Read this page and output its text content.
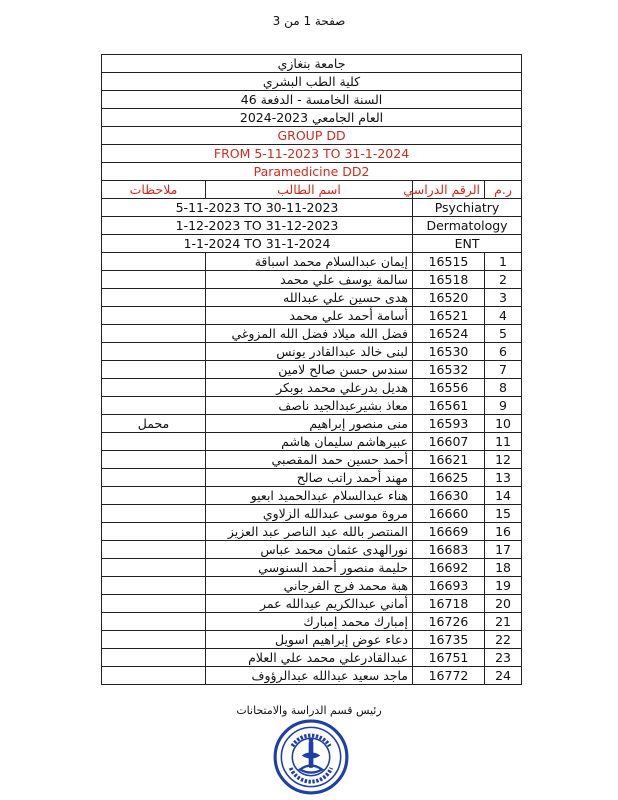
صفحة 1 من 3
جامعة بنغازي			
كلية الطب البشري			
السنة الخامسة - الدفعة 46			
العام الجامعي 2023-2024			
GROUP DD			
FROM 5-11-2023 TO 31-1-2024			
Paramedicine DD2			
ملاحظات	اسم الطالب	الرقم الدراسي	ر.م
5-11-2023 TO 30-11-2023		Psychiatry	
1-12-2023 TO 31-12-2023		Dermatology	
1-1-2024 TO 31-1-2024		ENT	
	إيمان عبدالسلام محمد اسباقة	16515	1
	سالمة يوسف علي محمد	16518	2
	هدى حسين علي عبدالله	16520	3
	أسامة أحمد علي محمد	16521	4
	فضل الله ميلاد فضل الله المزوغي	16524	5
	لبنى خالد عبدالقادر يونس	16530	6
	سندس حسن صالح لامين	16532	7
	هديل بدرعلي محمد بوبكر	16556	8
	معاذ بشيرعبدالجيد ناصف	16561	9
محمل	منى منصور إبراهيم	16593	10
	عبيرهاشم سليمان هاشم	16607	11
	أحمد حسين حمد المقصبي	16621	12
	مهند أحمد راتب صالح	16625	13
	هناء عبدالسلام عبدالحميد ابعيو	16630	14
	مروة موسى عبدالله الزلاوي	16660	15
	المنتصر بالله عبد الناصر عبد العزيز	16669	16
	نورالهدى عثمان محمد عباس	16683	17
	حليمة منصور أحمد السنوسي	16692	18
	هبة محمد فرج الفرجاني	16693	19
	أماني عبدالكريم عبدالله عمر	16718	20
	إمبارك محمد إمبارك	16726	21
	دعاء عوض إبراهيم اسويل	16735	22
	عبدالقادرعلي محمد علي العلام	16751	23
	ماجد سعيد عبدالله عبدالرؤوف	16772	24
رئيس قسم الدراسة والامتحانات
